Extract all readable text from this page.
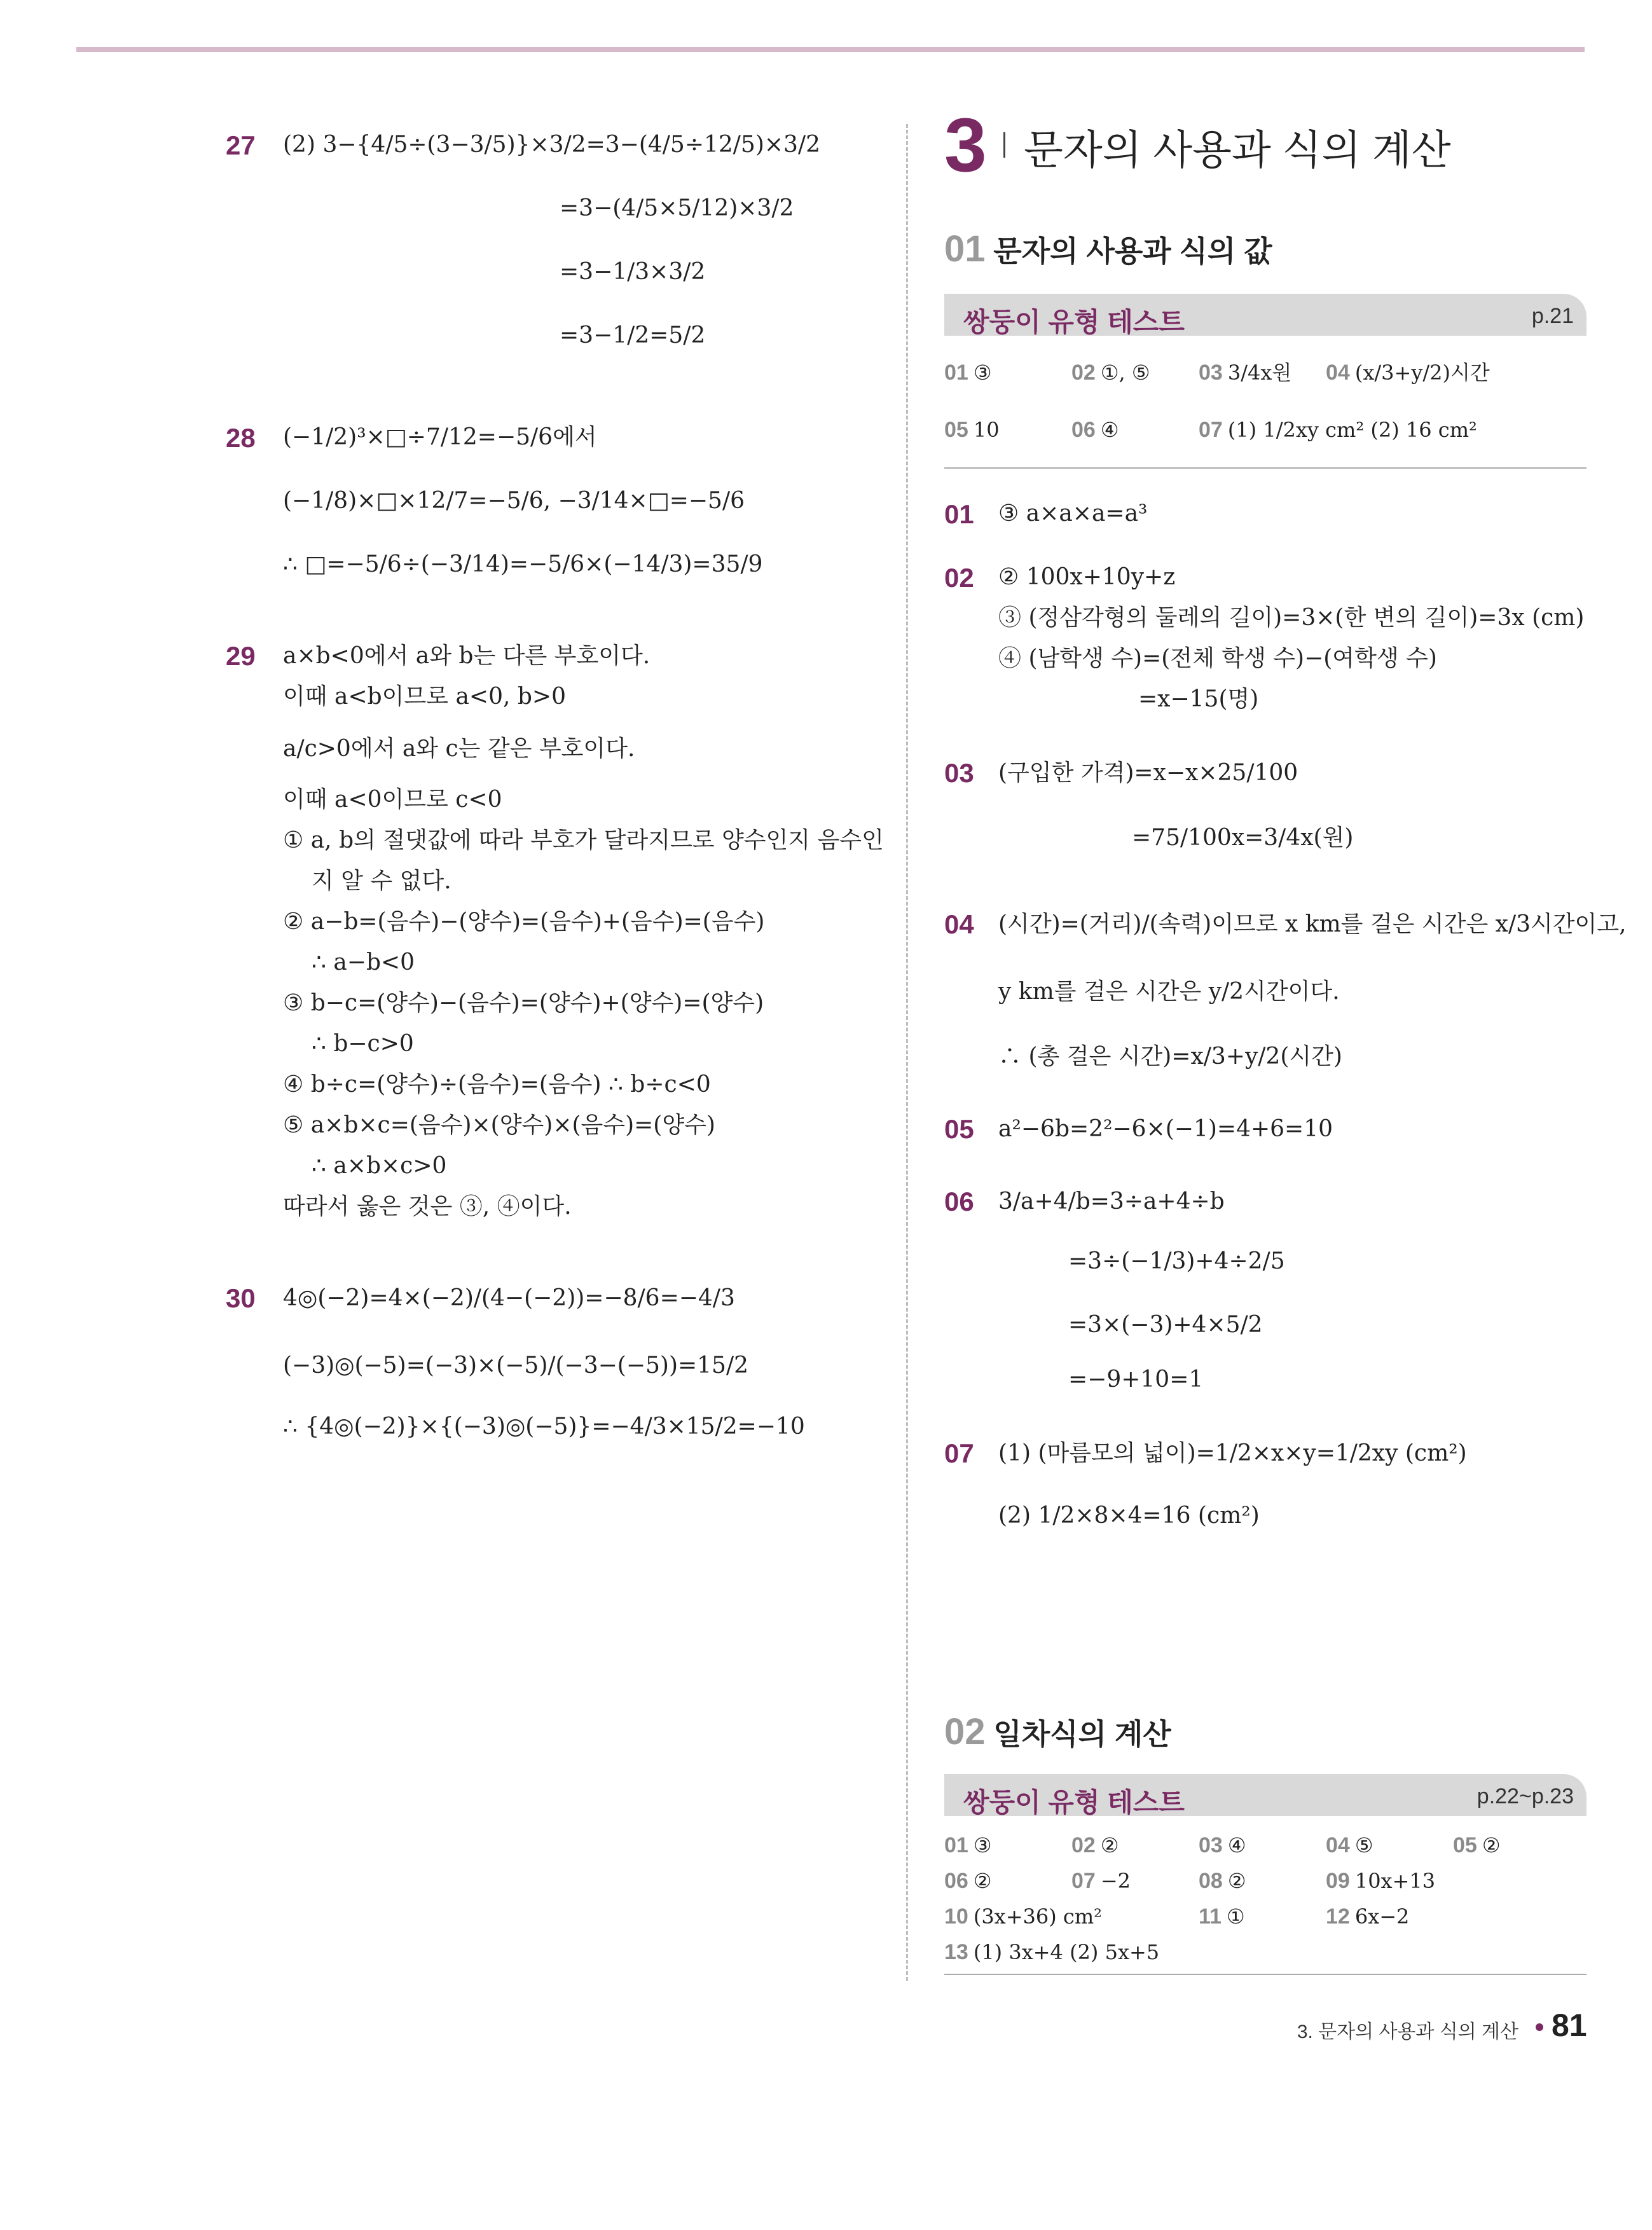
27 (2) 3−{4/5÷(3−3/5)}×3/2=3−(4/5÷12/5)×3/2
=3−(4/5×5/12)×3/2
=3−1/3×3/2
=3−1/2=5/2
28 (−1/2)³×□÷7/12=−5/6에서
(−1/8)×□×12/7=−5/6, −3/14×□=−5/6
∴ □=−5/6÷(−3/14)=−5/6×(−14/3)=35/9
29 a×b<0에서 a와 b는 다른 부호이다.
이때 a<b이므로 a<0, b>0
a/c>0에서 a와 c는 같은 부호이다.
이때 a<0이므로 c<0
① a, b의 절댓값에 따라 부호가 달라지므로 양수인지 음수인
지 알 수 없다.
② a−b=(음수)−(양수)=(음수)+(음수)=(음수)
∴ a−b<0
③ b−c=(양수)−(음수)=(양수)+(양수)=(양수)
∴ b−c>0
④ b÷c=(양수)÷(음수)=(음수) ∴ b÷c<0
⑤ a×b×c=(음수)×(양수)×(음수)=(양수)
∴ a×b×c>0
따라서 옳은 것은 ③, ④이다.
30 4◎(−2)=4×(−2)/(4−(−2))=−8/6=−4/3
(−3)◎(−5)=(−3)×(−5)/(−3−(−5))=15/2
∴ {4◎(−2)}×{(−3)◎(−5)}=−4/3×15/2=−10
3 문자의 사용과 식의 계산
01 문자의 사용과 식의 값
쌍둥이 유형 테스트	p.21
01 ③	02 ①, ⑤ 03 3/4x원 04 (x/3+y/2)시간
05 10	06 ④	07 (1) 1/2xy cm² (2) 16 cm²
01 ③ a×a×a=a³
02 ② 100x+10y+z
③ (정삼각형의 둘레의 길이)=3×(한 변의 길이)=3x (cm)
④ (남학생 수)=(전체 학생 수)−(여학생 수)
=x−15(명)
03 (구입한 가격)=x−x×25/100
=75/100x=3/4x(원)
04 (시간)=(거리)/(속력)이므로 x km를 걸은 시간은 x/3시간이고,
y km를 걸은 시간은 y/2시간이다.
∴ (총 걸은 시간)=x/3+y/2(시간)
05 a²−6b=2²−6×(−1)=4+6=10
06 3/a+4/b=3÷a+4÷b
=3÷(−1/3)+4÷2/5
=3×(−3)+4×5/2
=−9+10=1
07 (1) (마름모의 넓이)=1/2×x×y=1/2xy (cm²)
(2) 1/2×8×4=16 (cm²)
02 일차식의 계산
쌍둥이 유형 테스트	p.22~p.23
01 ③	02 ②	03 ④	04 ⑤	05 ②
06 ②	07 −2	08 ②	09 10x+13
10 (3x+36) cm²	11 ①	12 6x−2
13 (1) 3x+4 (2) 5x+5
3. 문자의 사용과 식의 계산 81
